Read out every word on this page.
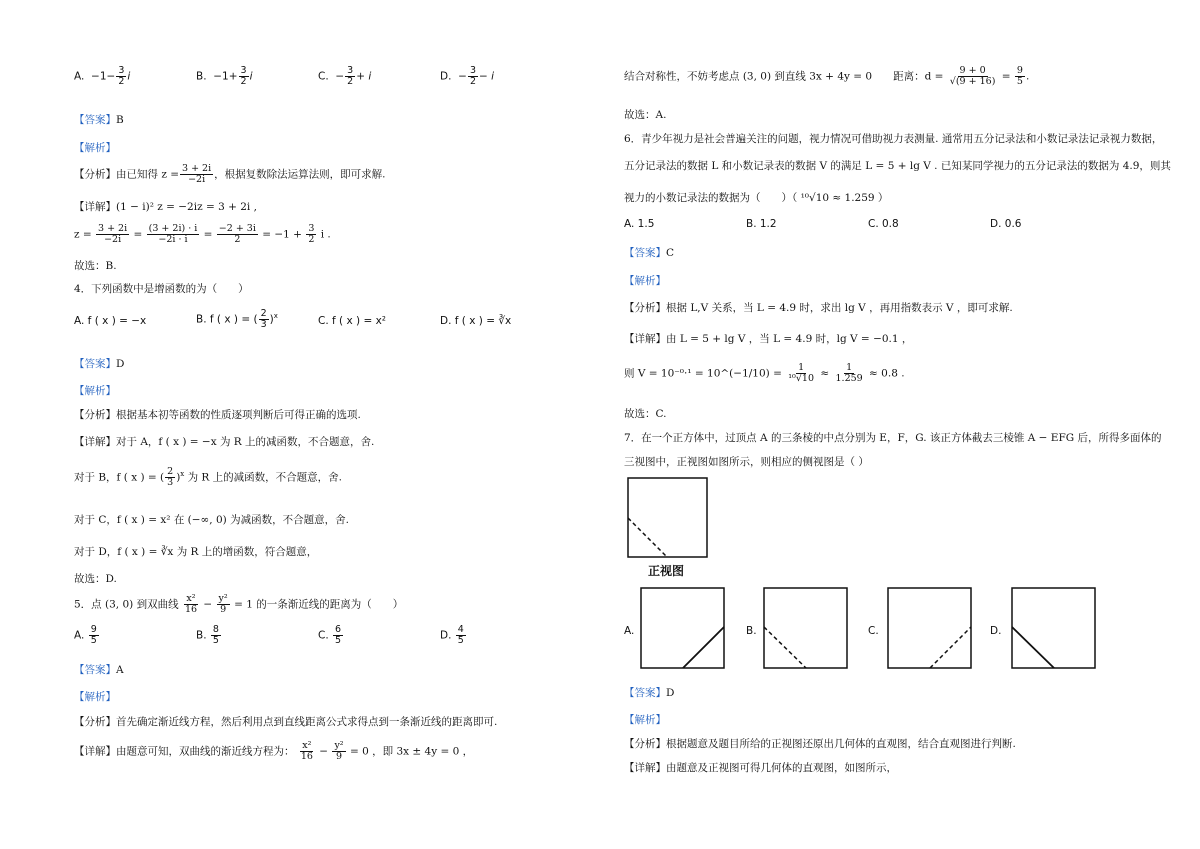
A. $-1- \frac{3}{2}$ i	B. $-1+ \frac{3}{2}$ i	C. − $\frac{3}{2} + i$	D. − $\frac{3}{2} - i$
【答案】B
【解析】
【分析】由已知得 $z = \frac{3 + 2i}{-2i}$ ，根据复数除法运算法则，即可求解.
【详解】(1 − i)² z = −2iz = 3 + 2i ,
$z = \frac{3 + 2i}{-2i} = \frac{(3 + 2i) \cdot i}{-2i \cdot i} = \frac{-2 + 3i}{2} = -1 + \frac{3}{2}$ i .
故选：B.
4．下列函数中是增函数的为（　　）
A. f ( x ) = −x	B. f ( x ) = ( $\frac{2}{3} )^x$	C. f ( x ) = x²	D. f ( x ) = ∛x
【答案】D
【解析】
【分析】根据基本初等函数的性质逐项判断后可得正确的选项.
【详解】对于 A，f ( x ) = −x 为 R 上的减函数，不合题意，舍.
对于 B，f ( x ) = ( $\frac{2}{3} )^x$ 为 R 上的减函数，不合题意，舍.
对于 C，f ( x ) = x² 在 (−∞, 0) 为减函数，不合题意，舍.
对于 D，f ( x ) = ∛x 为 R 上的增函数，符合题意，
故选：D.
5．点 (3, 0) 到双曲线 $\frac{\text{x²}}{16} - \frac{\text{y²}}{9} = 1$ 的一条渐近线的距离为（　　）
A. $\frac{9}{5}$	B. $\frac{8}{5}$	C. $\frac{6}{5}$	D. $\frac{4}{5}$
【答案】A
【解析】
【分析】首先确定渐近线方程，然后利用点到直线距离公式求得点到一条渐近线的距离即可.
【详解】由题意可知，双曲线的渐近线方程为： $\frac{\text{x²}}{16} - \frac{\text{y²}}{9} = 0$ ，即 3x ± 4y = 0 ，
结合对称性，不妨考虑点 (3, 0) 到直线 3x + 4y = 0　　距离：$d = \frac{9 + 0}{√(9 + 16)} = \frac{9}{5}$ .
故选：A.
6．青少年视力是社会普遍关注的问题，视力情况可借助视力表测量. 通常用五分记录法和小数记录法记录视力数据，
五分记录法的数据 L 和小数记录表的数据 V 的满足 L = 5 + lg V . 已知某同学视力的五分记录法的数据为 4.9，则其
视力的小数记录法的数据为（　　）（ ¹⁰√10 ≈ 1.259 ）
A. 1.5	B. 1.2	C. 0.8	D. 0.6
【答案】C
【解析】
【分析】根据 L,V 关系，当 L = 4.9 时，求出 lg V ，再用指数表示 V ，即可求解.
【详解】由 L = 5 + lg V ，当 L = 4.9 时，lg V = −0.1 ，
则 V = 10⁻⁰·¹ = 10^(−1/10) = $\frac{1}{\text{¹⁰√10}} \approx \frac{1}{1.259} \approx 0.8$ .
故选：C.
7．在一个正方体中，过顶点 A 的三条棱的中点分别为 E，F，G. 该正方体截去三棱锥 A − EFG 后，所得多面体的
三视图中，正视图如图所示，则相应的侧视图是（ ）
正视图
A.	B.	C.	D.
【答案】D
【解析】
【分析】根据题意及题目所给的正视图还原出几何体的直观图，结合直观图进行判断.
【详解】由题意及正视图可得几何体的直观图，如图所示，
